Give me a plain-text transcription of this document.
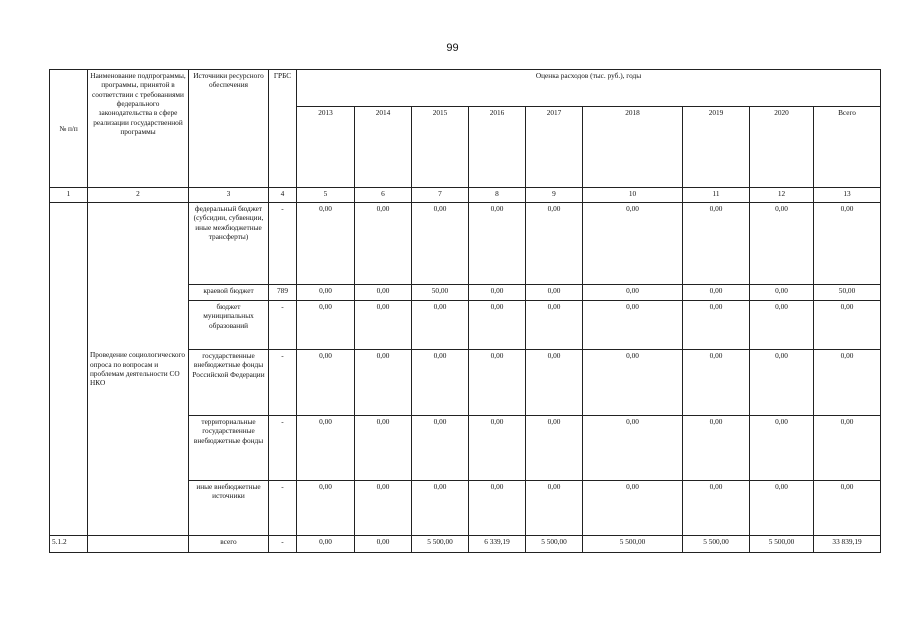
99
№ п/п	Наименование подпрограммы, программы, принятой в соответствии с требованиями федерального законодательства в сфере реализации государственной программы	Источники ресурсного обеспечения	ГРБС	Оценка расходов (тыс. руб.), годы								
				2013	2014	2015	2016	2017	2018	2019	2020	Всего
1	2	3	4	5	6	7	8	9	10	11	12	13
	Проведение социологического опроса по вопросам и проблемам деятельности СО НКО	федеральный бюджет (субсидии, субвенции, иные межбюджетные трансферты)	-	0,00	0,00	0,00	0,00	0,00	0,00	0,00	0,00	0,00
		краевой бюджет	789	0,00	0,00	50,00	0,00	0,00	0,00	0,00	0,00	50,00
		бюджет муниципальных образований	-	0,00	0,00	0,00	0,00	0,00	0,00	0,00	0,00	0,00
		государственные внебюджетные фонды Российской Федерации	-	0,00	0,00	0,00	0,00	0,00	0,00	0,00	0,00	0,00
		территориальные государственные внебюджетные фонды	-	0,00	0,00	0,00	0,00	0,00	0,00	0,00	0,00	0,00
		иные внебюджетные источники	-	0,00	0,00	0,00	0,00	0,00	0,00	0,00	0,00	0,00
5.1.2		всего	-	0,00	0,00	5 500,00	6 339,19	5 500,00	5 500,00	5 500,00	5 500,00	33 839,19
